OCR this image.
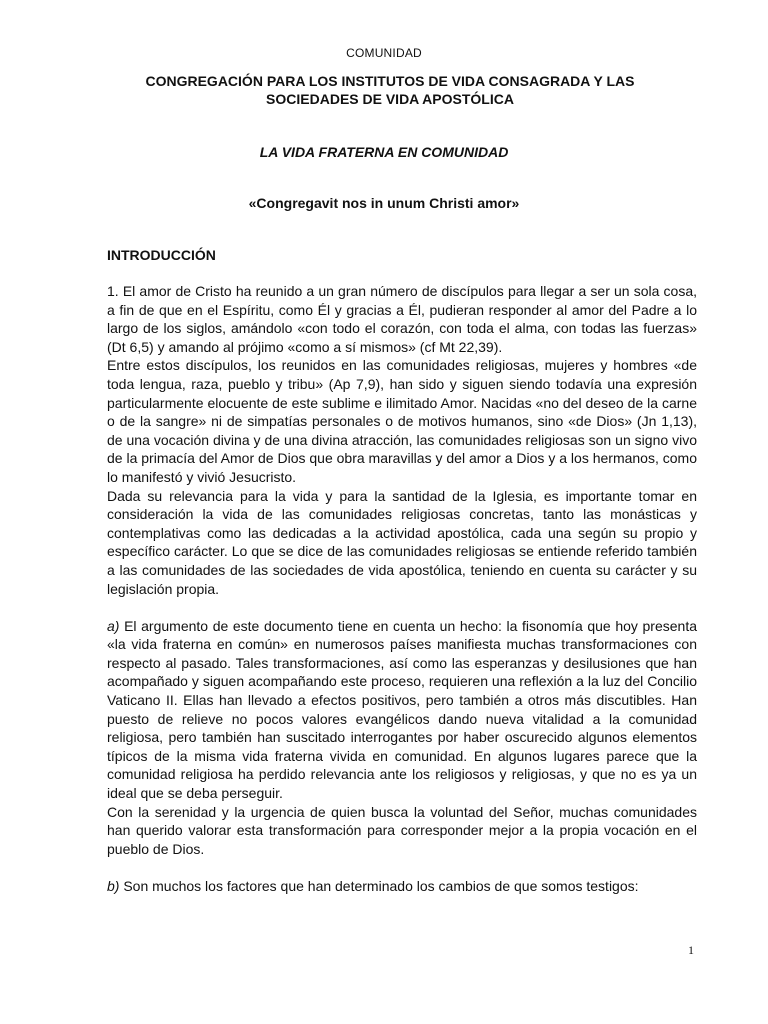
COMUNIDAD
CONGREGACIÓN PARA LOS INSTITUTOS DE VIDA CONSAGRADA Y LAS SOCIEDADES DE VIDA APOSTÓLICA
LA VIDA FRATERNA EN COMUNIDAD
«Congregavit nos in unum Christi amor»
INTRODUCCIÓN

1. El amor de Cristo ha reunido a un gran número de discípulos para llegar a ser un sola cosa, a fin de que en el Espíritu, como Él y gracias a Él, pudieran responder al amor del Padre a lo largo de los siglos, amándolo «con todo el corazón, con toda el alma, con todas las fuerzas» (Dt 6,5) y amando al prójimo «como a sí mismos» (cf Mt 22,39).

Entre estos discípulos, los reunidos en las comunidades religiosas, mujeres y hombres «de toda lengua, raza, pueblo y tribu» (Ap 7,9), han sido y siguen siendo todavía una expresión particularmente elocuente de este sublime e ilimitado Amor. Nacidas «no del deseo de la carne o de la sangre» ni de simpatías personales o de motivos humanos, sino «de Dios» (Jn 1,13), de una vocación divina y de una divina atracción, las comunidades religiosas son un signo vivo de la primacía del Amor de Dios que obra maravillas y del amor a Dios y a los hermanos, como lo manifestó y vivió Jesucristo.

Dada su relevancia para la vida y para la santidad de la Iglesia, es importante tomar en consideración la vida de las comunidades religiosas concretas, tanto las monásticas y contemplativas como las dedicadas a la actividad apostólica, cada una según su propio y específico carácter. Lo que se dice de las comunidades religiosas se entiende referido también a las comunidades de las sociedades de vida apostólica, teniendo en cuenta su carácter y su legislación propia.

a) El argumento de este documento tiene en cuenta un hecho: la fisonomía que hoy presenta «la vida fraterna en común» en numerosos países manifiesta muchas transformaciones con respecto al pasado. Tales transformaciones, así como las esperanzas y desilusiones que han acompañado y siguen acompañando este proceso, requieren una reflexión a la luz del Concilio Vaticano II. Ellas han llevado a efectos positivos, pero también a otros más discutibles. Han puesto de relieve no pocos valores evangélicos dando nueva vitalidad a la comunidad religiosa, pero también han suscitado interrogantes por haber oscurecido algunos elementos típicos de la misma vida fraterna vivida en comunidad. En algunos lugares parece que la comunidad religiosa ha perdido relevancia ante los religiosos y religiosas, y que no es ya un ideal que se deba perseguir.

Con la serenidad y la urgencia de quien busca la voluntad del Señor, muchas comunidades han querido valorar esta transformación para corresponder mejor a la propia vocación en el pueblo de Dios.

b) Son muchos los factores que han determinado los cambios de que somos testigos:

1
